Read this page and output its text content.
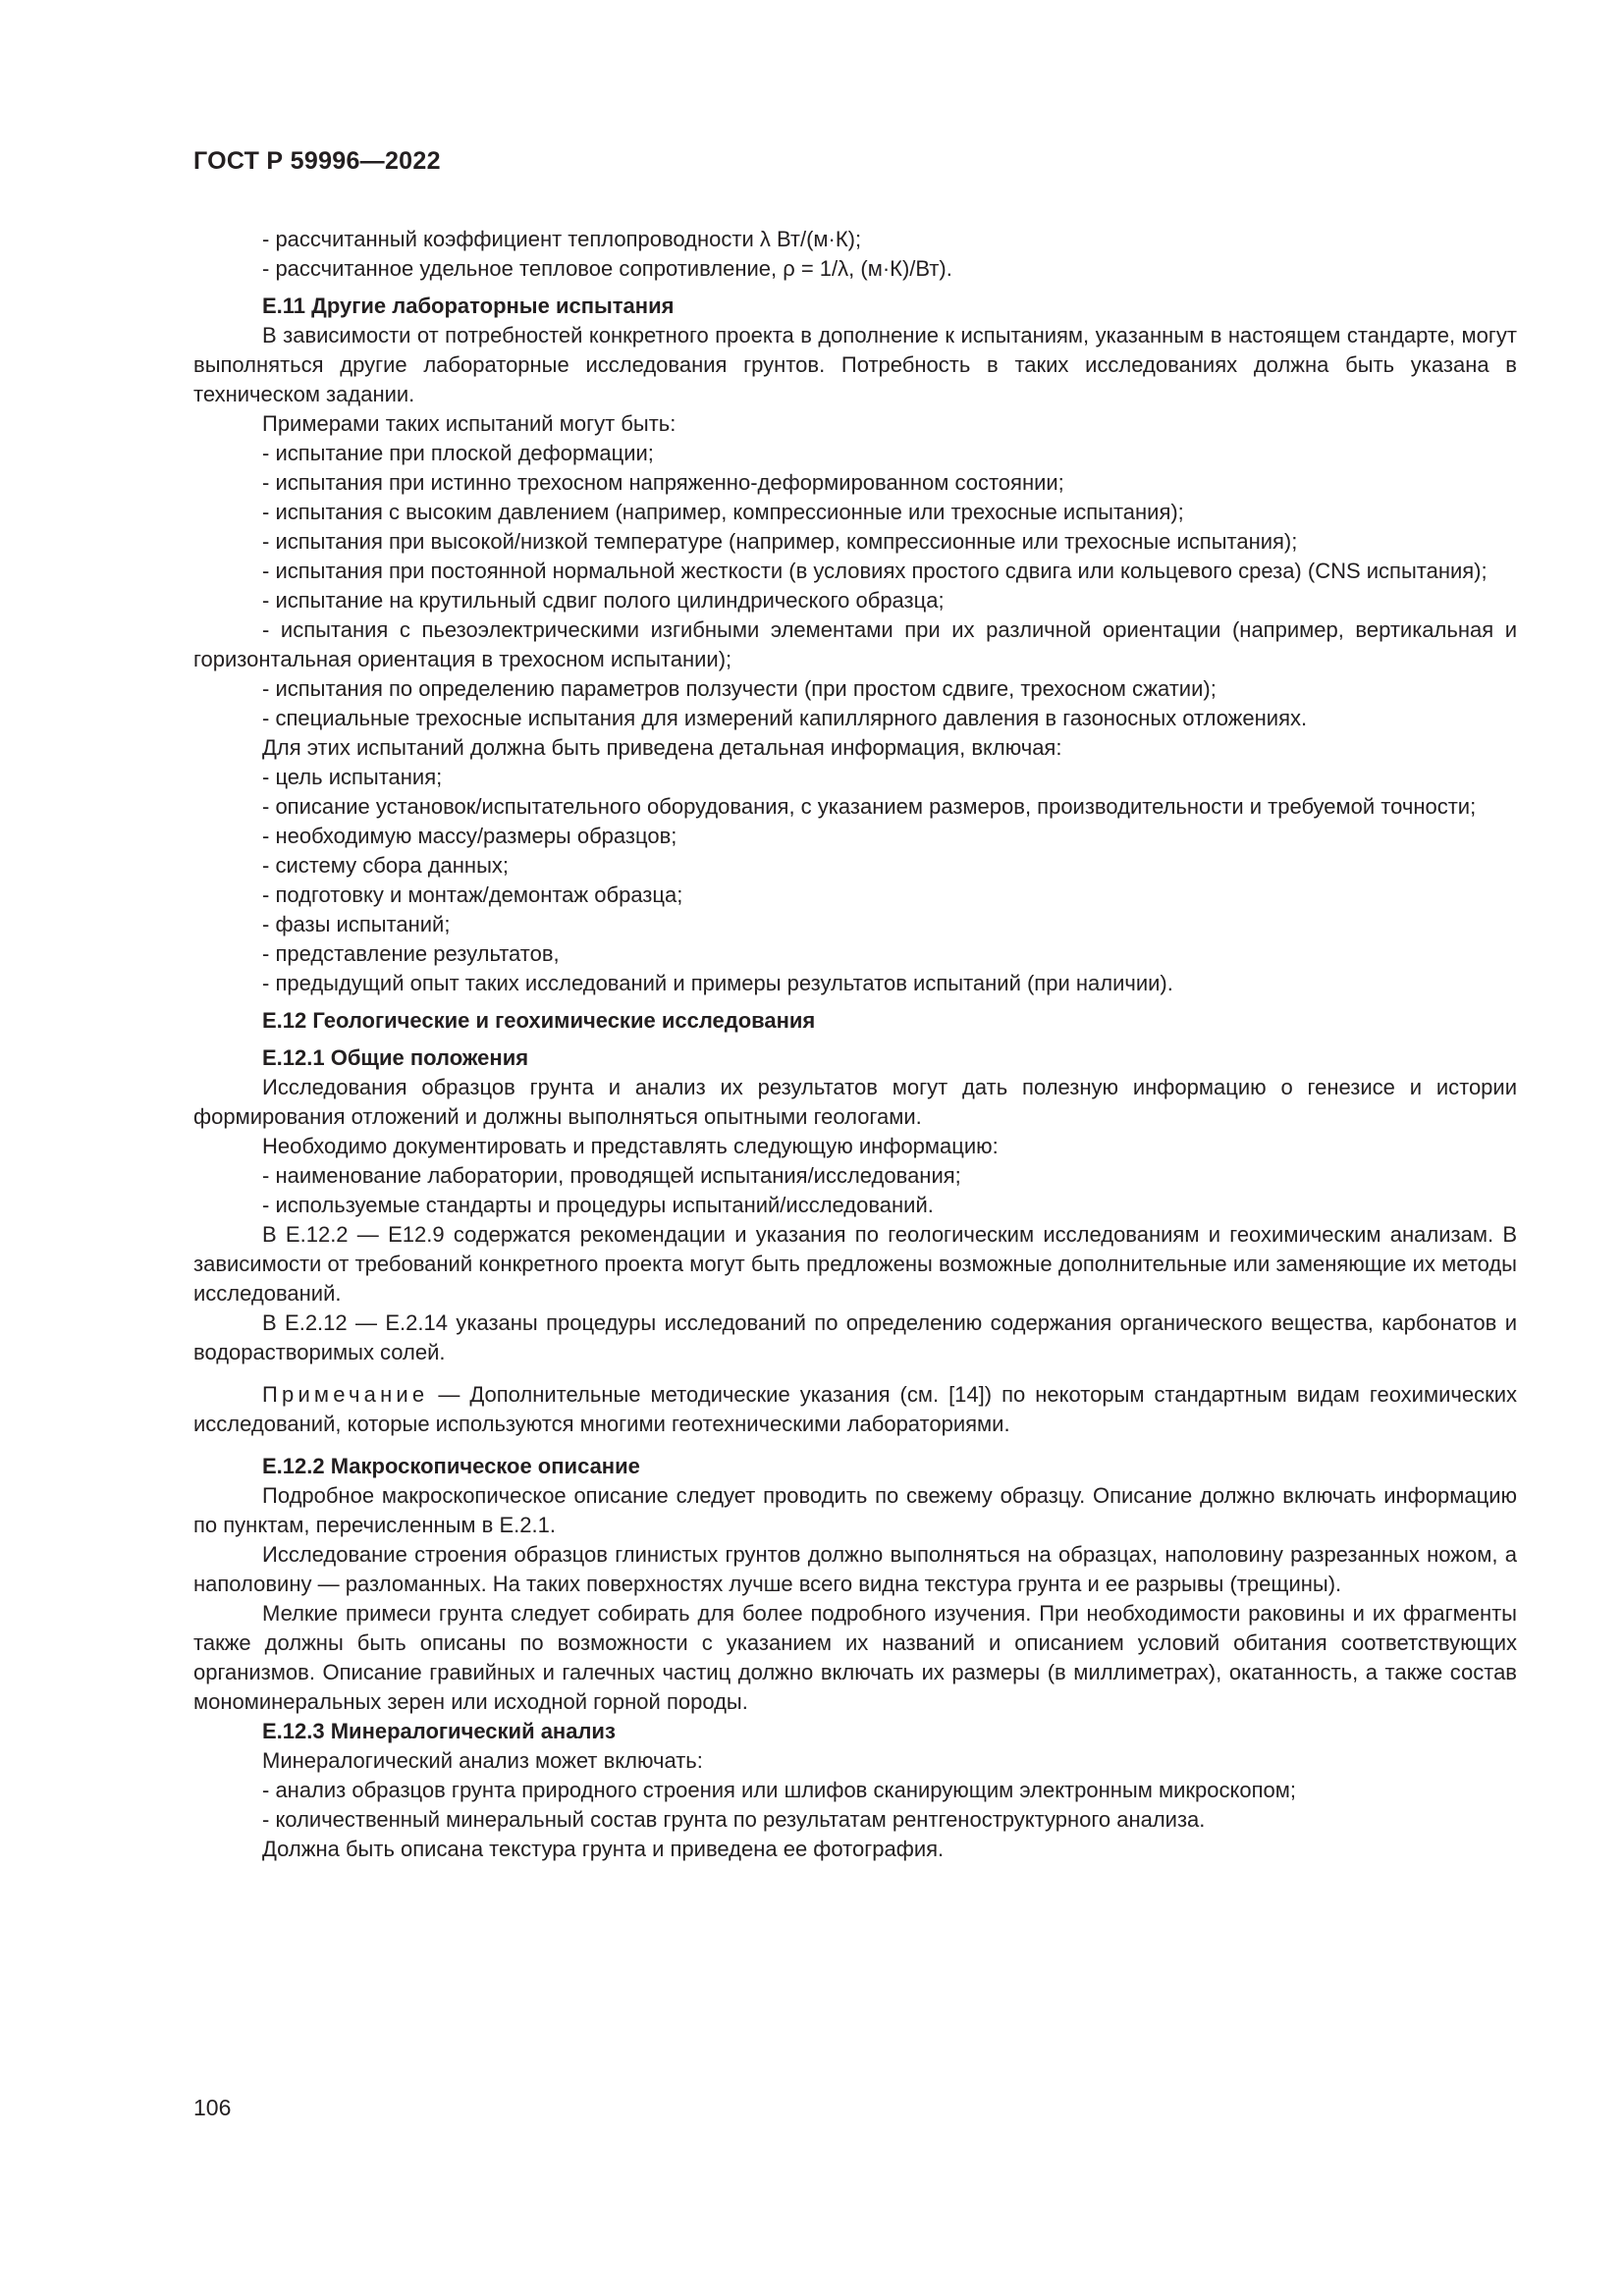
ГОСТ Р 59996—2022

- рассчитанный коэффициент теплопроводности λ Вт/(м·К);

- рассчитанное удельное тепловое сопротивление, ρ = 1/λ, (м·К)/Вт).

Е.11 Другие лабораторные испытания

В зависимости от потребностей конкретного проекта в дополнение к испытаниям, указанным в настоящем стандарте, могут выполняться другие лабораторные исследования грунтов. Потребность в таких исследованиях должна быть указана в техническом задании.

Примерами таких испытаний могут быть:

- испытание при плоской деформации;

- испытания при истинно трехосном напряженно-деформированном состоянии;

- испытания с высоким давлением (например, компрессионные или трехосные испытания);

- испытания при высокой/низкой температуре (например, компрессионные или трехосные испытания);

- испытания при постоянной нормальной жесткости (в условиях простого сдвига или кольцевого среза) (CNS испытания);

- испытание на крутильный сдвиг полого цилиндрического образца;

- испытания с пьезоэлектрическими изгибными элементами при их различной ориентации (например, вертикальная и горизонтальная ориентация в трехосном испытании);

- испытания по определению параметров ползучести (при простом сдвиге, трехосном сжатии);

- специальные трехосные испытания для измерений капиллярного давления в газоносных отложениях.

Для этих испытаний должна быть приведена детальная информация, включая:

- цель испытания;

- описание установок/испытательного оборудования, с указанием размеров, производительности и требуемой точности;

- необходимую массу/размеры образцов;

- систему сбора данных;

- подготовку и монтаж/демонтаж образца;

- фазы испытаний;

- представление результатов,

- предыдущий опыт таких исследований и примеры результатов испытаний (при наличии).

Е.12 Геологические и геохимические исследования

Е.12.1 Общие положения

Исследования образцов грунта и анализ их результатов могут дать полезную информацию о генезисе и истории формирования отложений и должны выполняться опытными геологами.

Необходимо документировать и представлять следующую информацию:

- наименование лаборатории, проводящей испытания/исследования;

- используемые стандарты и процедуры испытаний/исследований.

В Е.12.2 — Е12.9 содержатся рекомендации и указания по геологическим исследованиям и геохимическим анализам. В зависимости от требований конкретного проекта могут быть предложены возможные дополнительные или заменяющие их методы исследований.

В Е.2.12 — Е.2.14 указаны процедуры исследований по определению содержания органического вещества, карбонатов и водорастворимых солей.

Примечание — Дополнительные методические указания (см. [14]) по некоторым стандартным видам геохимических исследований, которые используются многими геотехническими лабораториями.

Е.12.2 Макроскопическое описание

Подробное макроскопическое описание следует проводить по свежему образцу. Описание должно включать информацию по пунктам, перечисленным в Е.2.1.

Исследование строения образцов глинистых грунтов должно выполняться на образцах, наполовину разрезанных ножом, а наполовину — разломанных. На таких поверхностях лучше всего видна текстура грунта и ее разрывы (трещины).

Мелкие примеси грунта следует собирать для более подробного изучения. При необходимости раковины и их фрагменты также должны быть описаны по возможности с указанием их названий и описанием условий обитания соответствующих организмов. Описание гравийных и галечных частиц должно включать их размеры (в миллиметрах), окатанность, а также состав мономинеральных зерен или исходной горной породы.

Е.12.3 Минералогический анализ

Минералогический анализ может включать:

- анализ образцов грунта природного строения или шлифов сканирующим электронным микроскопом;

- количественный минеральный состав грунта по результатам рентгеноструктурного анализа.

Должна быть описана текстура грунта и приведена ее фотография.

106
